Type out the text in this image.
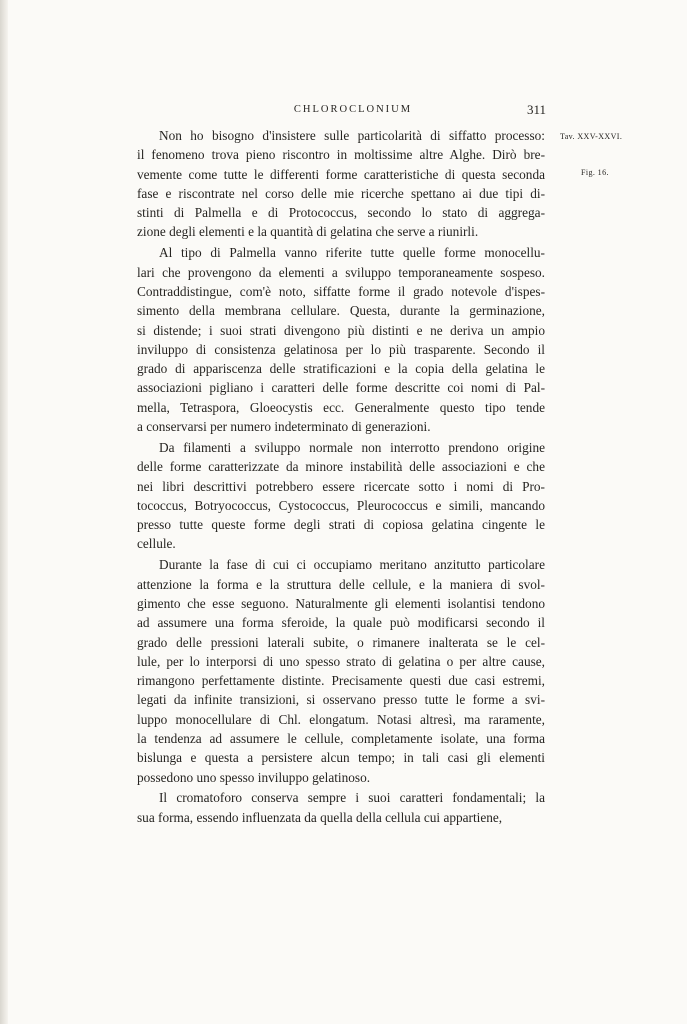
CHLOROCLONIUM	311
Tav. XXV-XXVI.
Fig. 16.
Non ho bisogno d'insistere sulle particolarità di siffatto processo:
il fenomeno trova pieno riscontro in moltissime altre Alghe. Dirò bre-
vemente come tutte le differenti forme caratteristiche di questa seconda
fase e riscontrate nel corso delle mie ricerche spettano ai due tipi di-
stinti di Palmella e di Protococcus, secondo lo stato di aggrega-
zione degli elementi e la quantità di gelatina che serve a riunirli.
Al tipo di Palmella vanno riferite tutte quelle forme monocellu-
lari che provengono da elementi a sviluppo temporaneamente sospeso.
Contraddistingue, com'è noto, siffatte forme il grado notevole d'ispes-
simento della membrana cellulare. Questa, durante la germinazione,
si distende; i suoi strati divengono più distinti e ne deriva un ampio
inviluppo di consistenza gelatinosa per lo più trasparente. Secondo il
grado di appariscenza delle stratificazioni e la copia della gelatina le
associazioni pigliano i caratteri delle forme descritte coi nomi di Pal-
mella, Tetraspora, Gloeocystis ecc. Generalmente questo tipo tende
a conservarsi per numero indeterminato di generazioni.
Da filamenti a sviluppo normale non interrotto prendono origine
delle forme caratterizzate da minore instabilità delle associazioni e che
nei libri descrittivi potrebbero essere ricercate sotto i nomi di Pro-
tococcus, Botryococcus, Cystococcus, Pleurococcus e simili, mancando
presso tutte queste forme degli strati di copiosa gelatina cingente le
cellule.
Durante la fase di cui ci occupiamo meritano anzitutto particolare
attenzione la forma e la struttura delle cellule, e la maniera di svol-
gimento che esse seguono. Naturalmente gli elementi isolantisi tendono
ad assumere una forma sferoide, la quale può modificarsi secondo il
grado delle pressioni laterali subite, o rimanere inalterata se le cel-
lule, per lo interporsi di uno spesso strato di gelatina o per altre cause,
rimangono perfettamente distinte. Precisamente questi due casi estremi,
legati da infinite transizioni, si osservano presso tutte le forme a svi-
luppo monocellulare di Chl. elongatum. Notasi altresì, ma raramente,
la tendenza ad assumere le cellule, completamente isolate, una forma
bislunga e questa a persistere alcun tempo; in tali casi gli elementi
possedono uno spesso inviluppo gelatinoso.
Il cromatoforo conserva sempre i suoi caratteri fondamentali; la
sua forma, essendo influenzata da quella della cellula cui appartiene,
